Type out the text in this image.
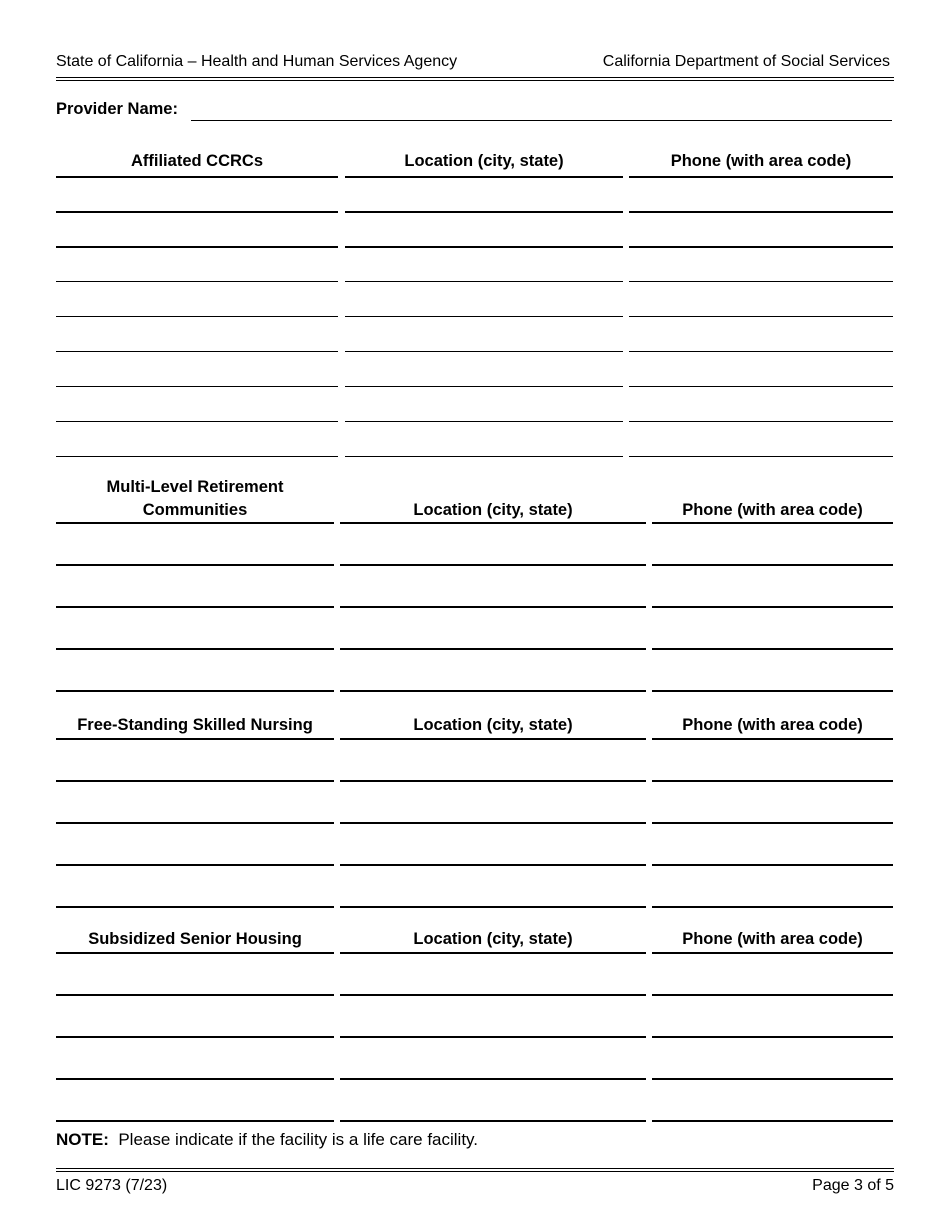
State of California – Health and Human Services Agency	California Department of Social Services
Provider Name:
Affiliated CCRCs	Location (city, state)	Phone (with area code)
Multi-Level Retirement Communities	Location (city, state)	Phone (with area code)
Free-Standing Skilled Nursing	Location (city, state)	Phone (with area code)
Subsidized Senior Housing	Location (city, state)	Phone (with area code)
NOTE: Please indicate if the facility is a life care facility.
LIC 9273 (7/23)	Page 3 of 5
